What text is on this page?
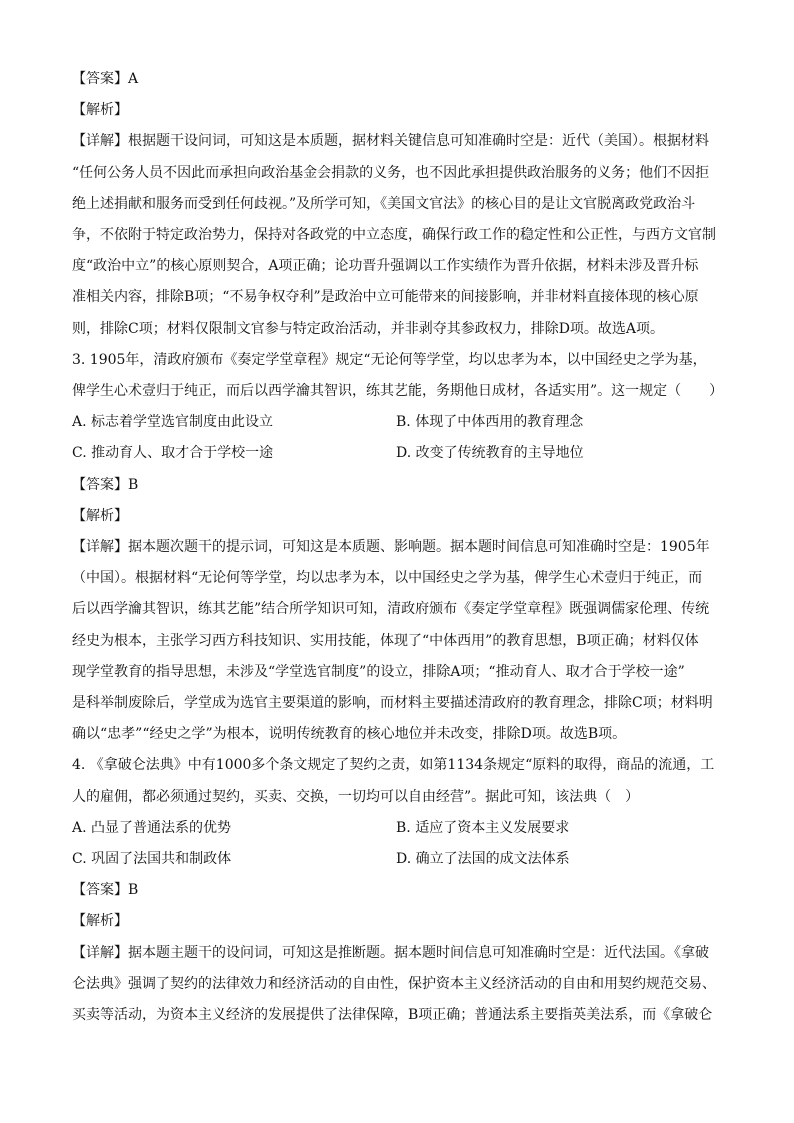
【答案】A
【解析】
【详解】根据题干设问词，可知这是本质题，据材料关键信息可知准确时空是：近代（美国）。根据材料
“任何公务人员不因此而承担向政治基金会捐款的义务，也不因此承担提供政治服务的义务；他们不因拒
绝上述捐献和服务而受到任何歧视。”及所学可知，《美国文官法》的核心目的是让文官脱离政党政治斗
争，不依附于特定政治势力，保持对各政党的中立态度，确保行政工作的稳定性和公正性，与西方文官制
度“政治中立”的核心原则契合，A项正确；论功晋升强调以工作实绩作为晋升依据，材料未涉及晋升标
准相关内容，排除B项；“不易争权夺利”是政治中立可能带来的间接影响，并非材料直接体现的核心原
则，排除C项；材料仅限制文官参与特定政治活动，并非剥夺其参政权力，排除D项。故选A项。
3. 1905年，清政府颁布《奏定学堂章程》规定“无论何等学堂，均以忠孝为本，以中国经史之学为基，
俾学生心术壹归于纯正，而后以西学瀹其智识，练其艺能，务期他日成材，各适实用”。这一规定（　　）
A. 标志着学堂选官制度由此设立	B. 体现了中体西用的教育理念
C. 推动育人、取才合于学校一途	D. 改变了传统教育的主导地位
【答案】B
【解析】
【详解】据本题次题干的提示词，可知这是本质题、影响题。据本题时间信息可知准确时空是：1905年
（中国）。根据材料“无论何等学堂，均以忠孝为本，以中国经史之学为基，俾学生心术壹归于纯正，而
后以西学瀹其智识，练其艺能”结合所学知识可知，清政府颁布《奏定学堂章程》既强调儒家伦理、传统
经史为根本，主张学习西方科技知识、实用技能，体现了“中体西用”的教育思想，B项正确；材料仅体
现学堂教育的指导思想，未涉及“学堂选官制度”的设立，排除A项；“推动育人、取才合于学校一途”
是科举制废除后，学堂成为选官主要渠道的影响，而材料主要描述清政府的教育理念，排除C项；材料明
确以“忠孝”“经史之学”为根本，说明传统教育的核心地位并未改变，排除D项。故选B项。
4. 《拿破仑法典》中有1000多个条文规定了契约之责，如第1134条规定“原料的取得，商品的流通，工
人的雇佣，都必须通过契约，买卖、交换，一切均可以自由经营”。据此可知，该法典（　）
A. 凸显了普通法系的优势	B. 适应了资本主义发展要求
C. 巩固了法国共和制政体	D. 确立了法国的成文法体系
【答案】B
【解析】
【详解】据本题主题干的设问词，可知这是推断题。据本题时间信息可知准确时空是：近代法国。《拿破
仑法典》强调了契约的法律效力和经济活动的自由性，保护资本主义经济活动的自由和用契约规范交易、
买卖等活动，为资本主义经济的发展提供了法律保障，B项正确；普通法系主要指英美法系，而《拿破仑
